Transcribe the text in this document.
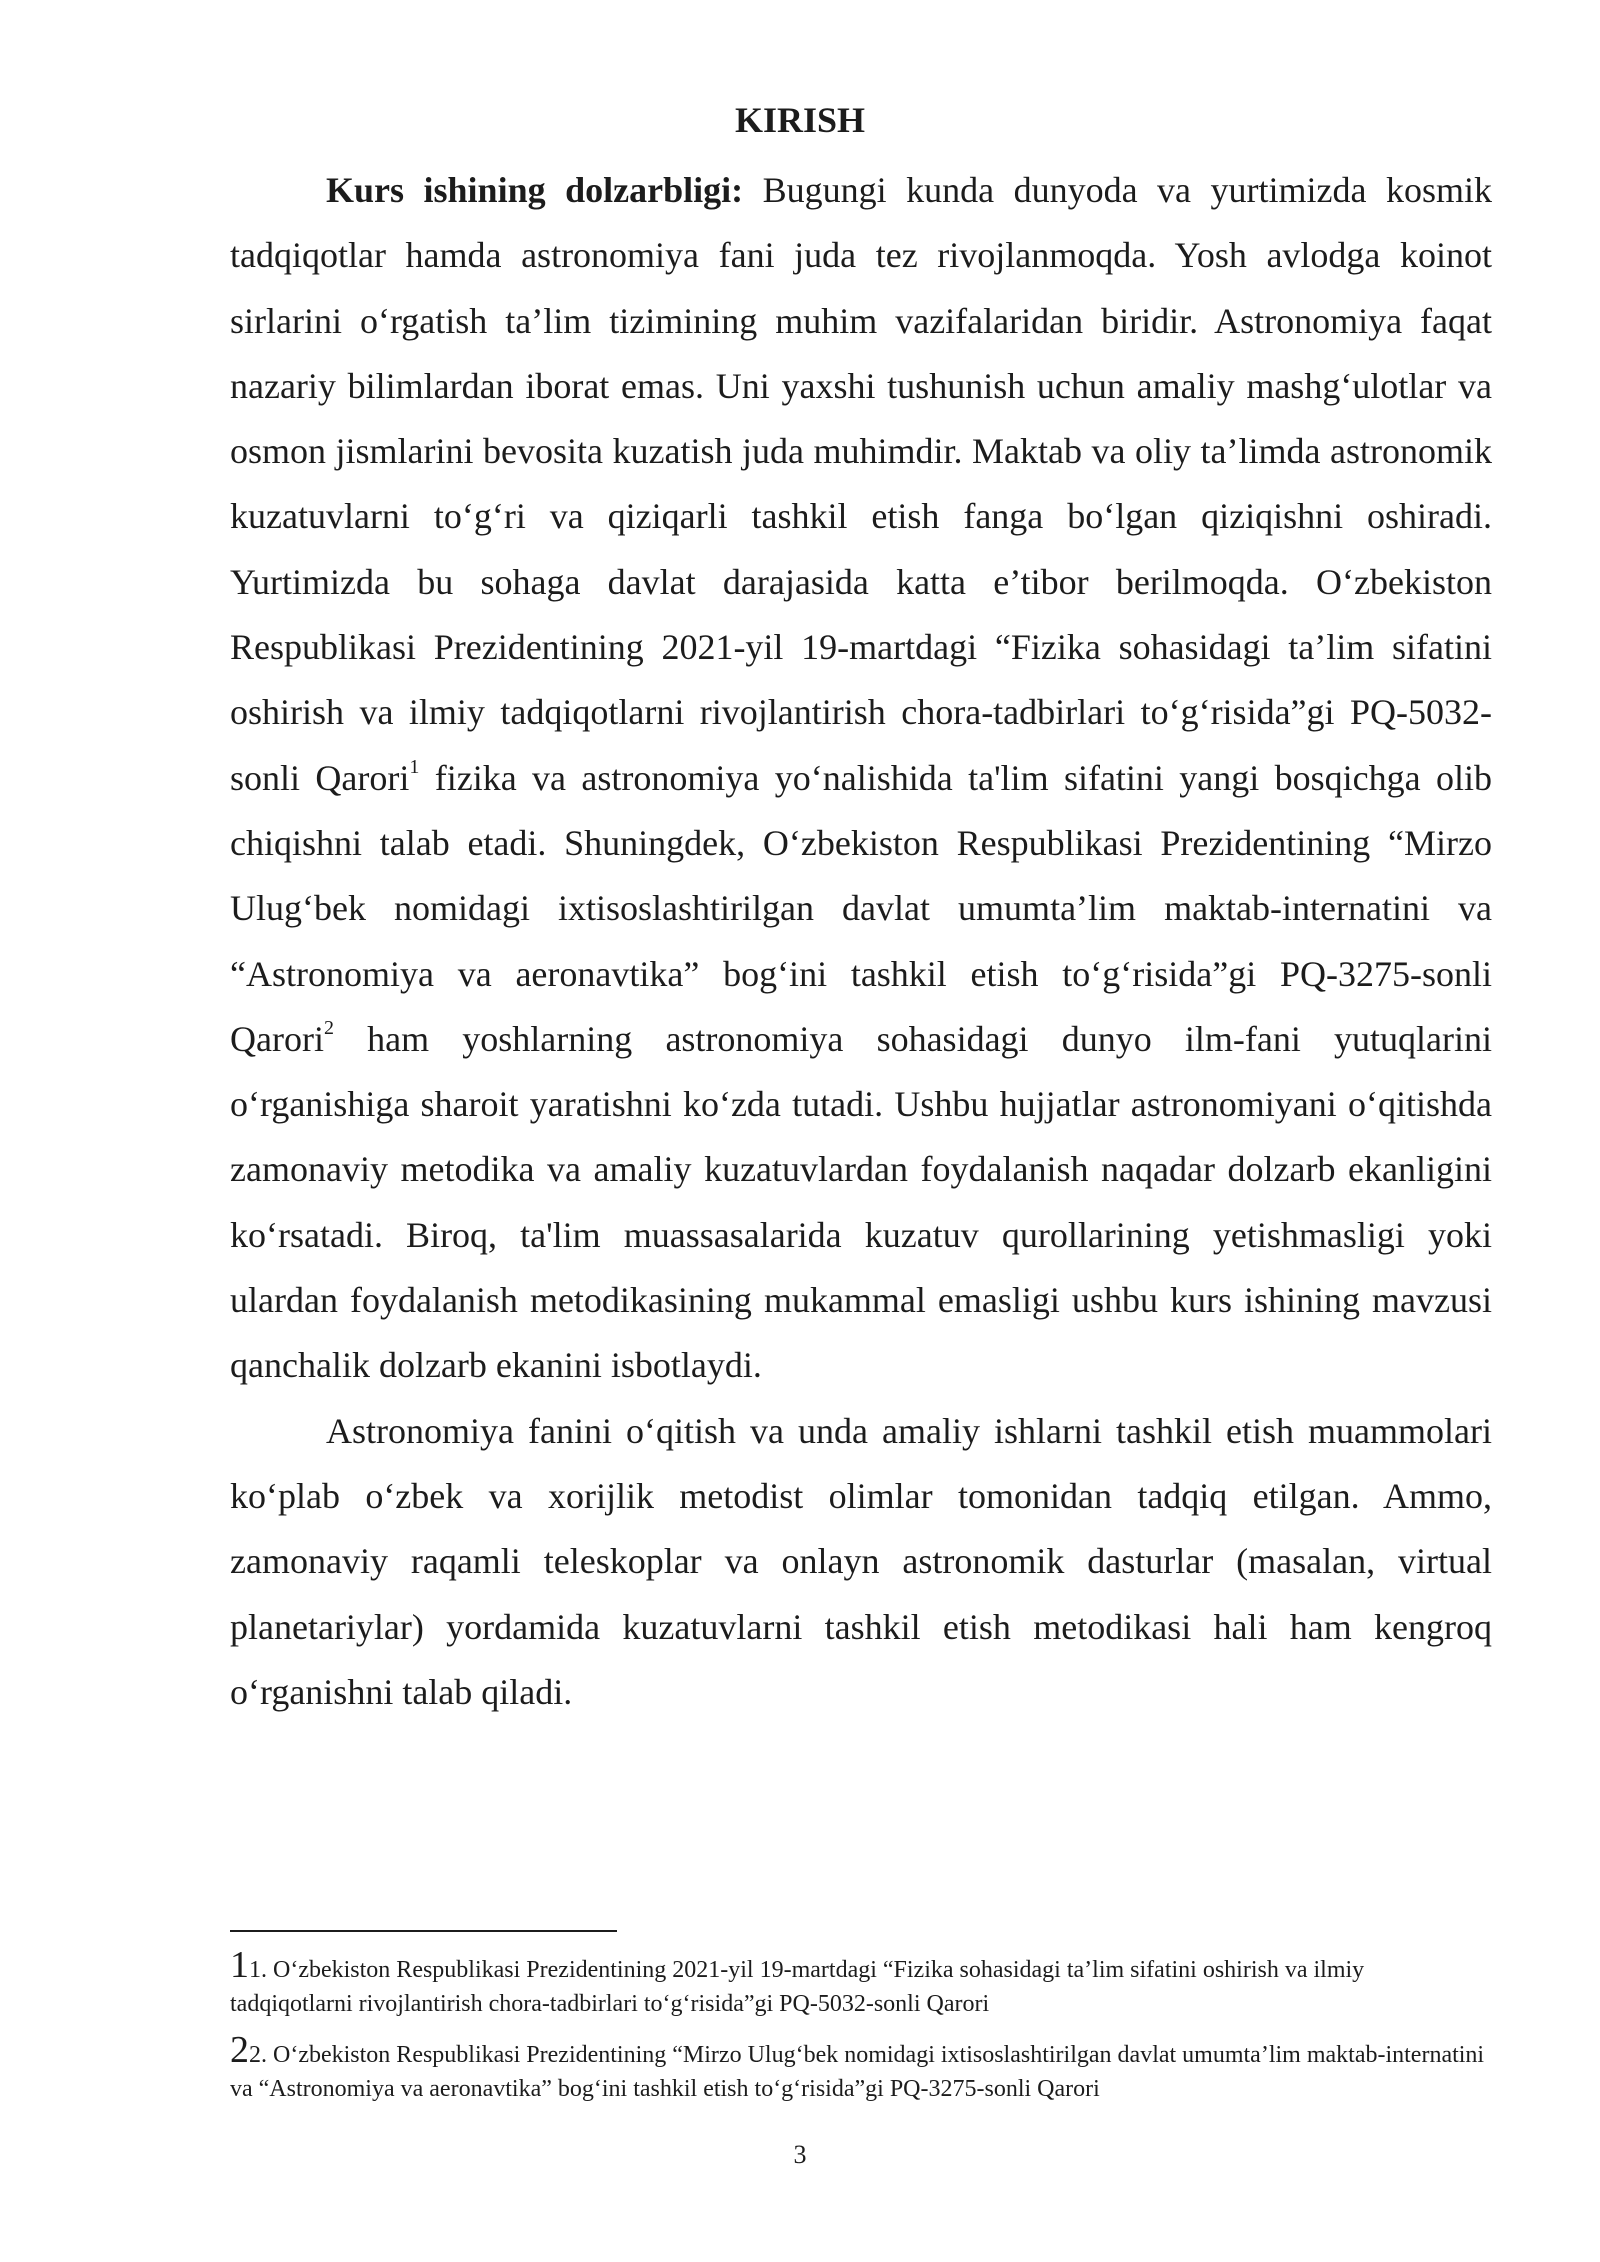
KIRISH

Kurs ishining dolzarbligi: Bugungi kunda dunyoda va yurtimizda kosmik tadqiqotlar hamda astronomiya fani juda tez rivojlanmoqda. Yosh avlodga koinot sirlarini o‘rgatish ta’lim tizimining muhim vazifalaridan biridir. Astronomiya faqat nazariy bilimlardan iborat emas. Uni yaxshi tushunish uchun amaliy mashg‘ulotlar va osmon jismlarini bevosita kuzatish juda muhimdir. Maktab va oliy ta’limda astronomik kuzatuvlarni to‘g‘ri va qiziqarli tashkil etish fanga bo‘lgan qiziqishni oshiradi. Yurtimizda bu sohaga davlat darajasida katta e’tibor berilmoqda. O‘zbekiston Respublikasi Prezidentining 2021-yil 19-martdagi “Fizika sohasidagi ta’lim sifatini oshirish va ilmiy tadqiqotlarni rivojlantirish chora-tadbirlari to‘g‘risida”gi PQ-5032-sonli Qarori$^1$ fizika va astronomiya yo‘nalishida ta'lim sifatini yangi bosqichga olib chiqishni talab etadi. Shuningdek, O‘zbekiston Respublikasi Prezidentining “Mirzo Ulug‘bek nomidagi ixtisoslashtirilgan davlat umumta’lim maktab-internatini va “Astronomiya va aeronavtika” bog‘ini tashkil etish to‘g‘risida”gi PQ-3275-sonli Qarori$^2$ ham yoshlarning astronomiya sohasidagi dunyo ilm-fani yutuqlarini o‘rganishiga sharoit yaratishni ko‘zda tutadi. Ushbu hujjatlar astronomiyani o‘qitishda zamonaviy metodika va amaliy kuzatuvlardan foydalanish naqadar dolzarb ekanligini ko‘rsatadi. Biroq, ta'lim muassasalarida kuzatuv qurollarining yetishmasligi yoki ulardan foydalanish metodikasining mukammal emasligi ushbu kurs ishining mavzusi qanchalik dolzarb ekanini isbotlaydi.

Astronomiya fanini o‘qitish va unda amaliy ishlarni tashkil etish muammolari ko‘plab o‘zbek va xorijlik metodist olimlar tomonidan tadqiq etilgan. Ammo, zamonaviy raqamli teleskoplar va onlayn astronomik dasturlar (masalan, virtual planetariylar) yordamida kuzatuvlarni tashkil etish metodikasi hali ham kengroq o‘rganishni talab qiladi.

11. O‘zbekiston Respublikasi Prezidentining 2021-yil 19-martdagi “Fizika sohasidagi ta’lim sifatini oshirish va ilmiy tadqiqotlarni rivojlantirish chora-tadbirlari to‘g‘risida”gi PQ-5032-sonli Qarori

22. O‘zbekiston Respublikasi Prezidentining “Mirzo Ulug‘bek nomidagi ixtisoslashtirilgan davlat umumta’lim maktab-internatini va “Astronomiya va aeronavtika” bog‘ini tashkil etish to‘g‘risida”gi PQ-3275-sonli Qarori

3
